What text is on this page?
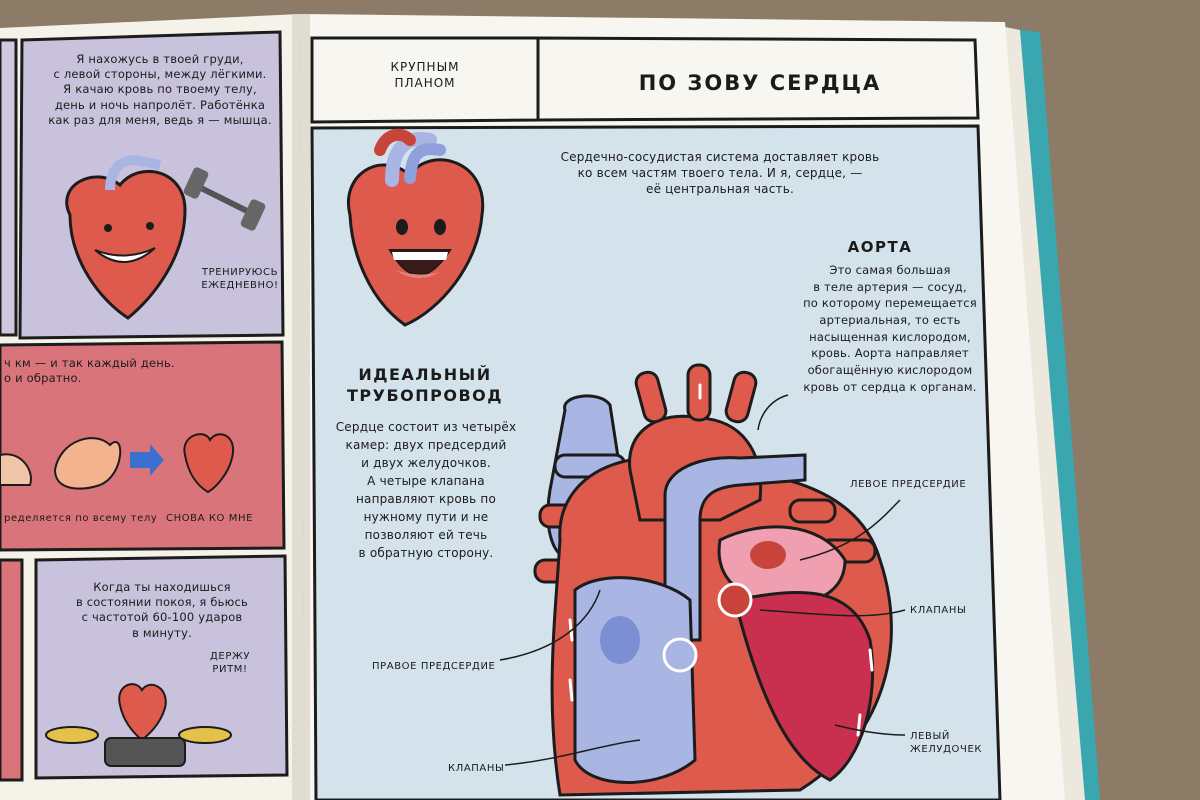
Я нахожусь в твоей груди,
с левой стороны, между лёгкими.
Я качаю кровь по твоему телу,
день и ночь напролёт. Работёнка
как раз для меня, ведь я — мышца.
ТРЕНИРУЮСЬ
ЕЖЕДНЕВНО!
ч км — и так каждый день.
о и обратно.
ределяется по всему телу СНОВА КО МНЕ
Когда ты находишься
в состоянии покоя, я бьюсь
с частотой 60-100 ударов
в минуту.
ДЕРЖУ
РИТМ!
КРУПНЫМ
ПЛАНОМ	ПО ЗОВУ СЕРДЦА
Сердечно-сосудистая система доставляет кровь
ко всем частям твоего тела. И я, сердце, —
её центральная часть.
АОРТА
Это самая большая
в теле артерия — сосуд,
по которому перемещается
артериальная, то есть
насыщенная кислородом,
кровь. Аорта направляет
обогащённую кислородом
кровь от сердца к органам.
ИДЕАЛЬНЫЙ
ТРУБОПРОВОД
Сердце состоит из четырёх
камер: двух предсердий
и двух желудочков.
А четыре клапана
направляют кровь по
нужному пути и не
позволяют ей течь
в обратную сторону.
ЛЕВОЕ ПРЕДСЕРДИЕ
КЛАПАНЫ
ПРАВОЕ ПРЕДСЕРДИЕ
КЛАПАНЫ
ЛЕВЫЙ ЖЕЛУДОЧЕК
